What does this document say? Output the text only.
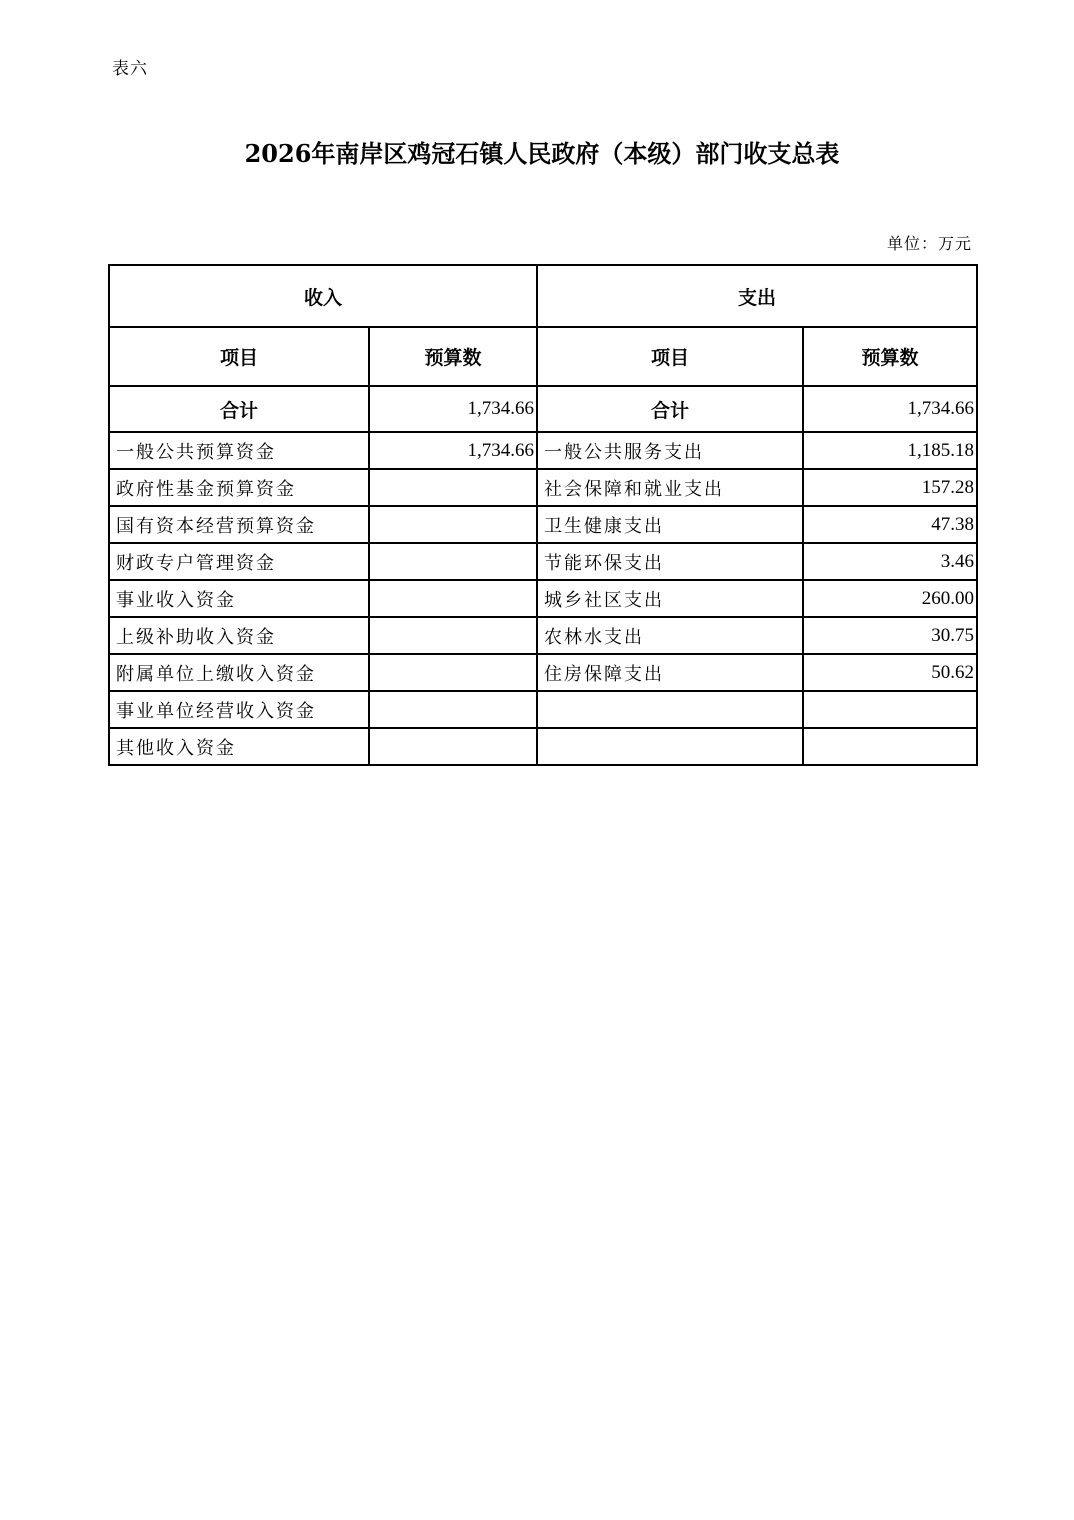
表六
2026年南岸区鸡冠石镇人民政府（本级）部门收支总表
单位：万元
收入		支出	
项目	预算数	项目	预算数
合计	1,734.66	合计	1,734.66
一般公共预算资金	1,734.66	一般公共服务支出	1,185.18
政府性基金预算资金		社会保障和就业支出	157.28
国有资本经营预算资金		卫生健康支出	47.38
财政专户管理资金		节能环保支出	3.46
事业收入资金		城乡社区支出	260.00
上级补助收入资金		农林水支出	30.75
附属单位上缴收入资金		住房保障支出	50.62
事业单位经营收入资金			
其他收入资金			
